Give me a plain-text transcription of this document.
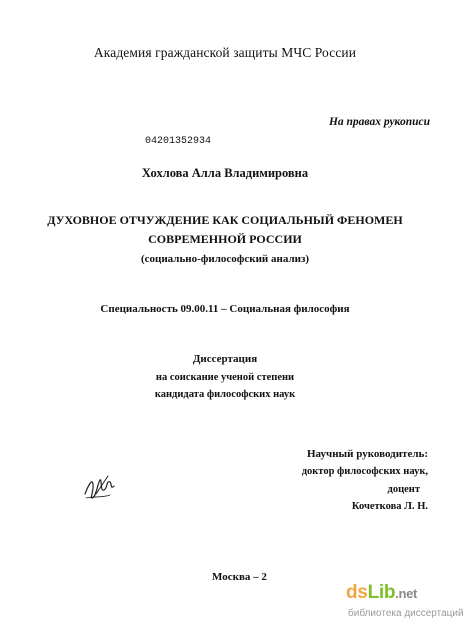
Академия гражданской защиты МЧС России
На правах рукописи
04201352934
Хохлова Алла Владимировна
ДУХОВНОЕ ОТЧУЖДЕНИЕ КАК СОЦИАЛЬНЫЙ ФЕНОМЕН
СОВРЕМЕННОЙ РОССИИ
(социально-философский анализ)
Специальность 09.00.11 – Социальная философия
Диссертация
на соискание ученой степени
кандидата философских наук
Научный руководитель:
доктор философских наук,
доцент
Кочеткова Л. Н.
Москва – 2
dsLib.net
библиотека диссертаций
